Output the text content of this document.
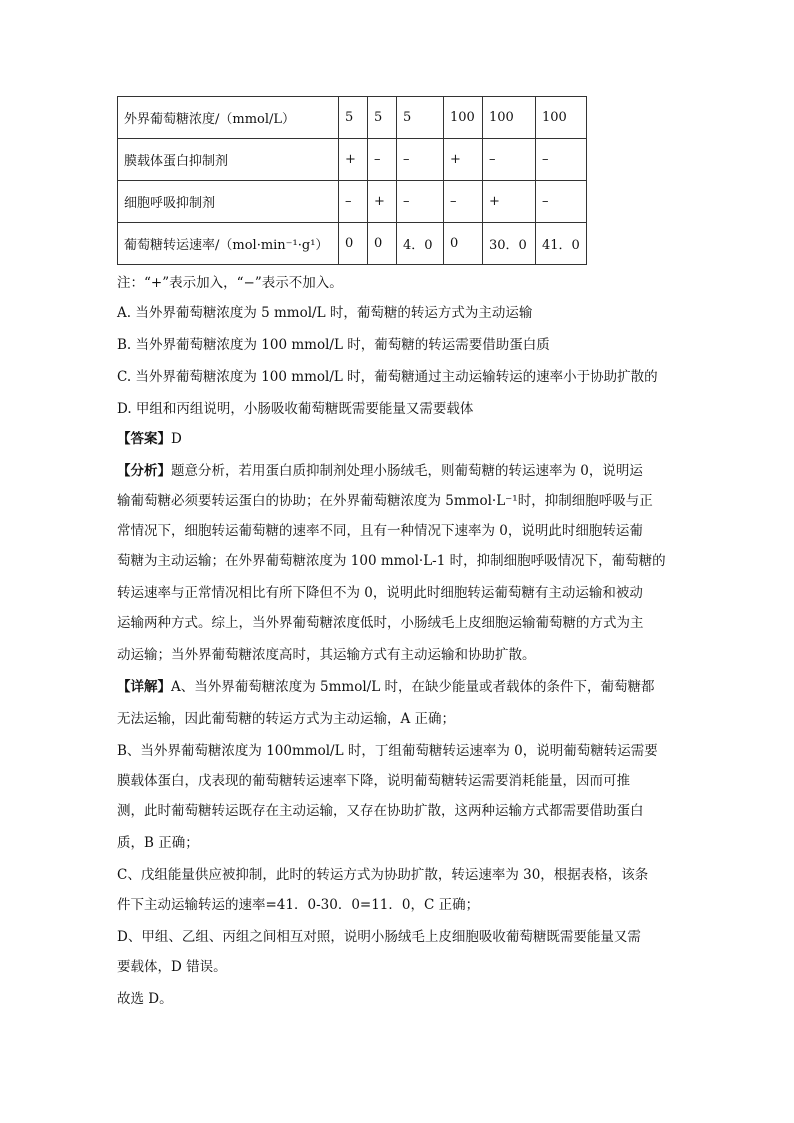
外界葡萄糖浓度/（mmol/L）	5	5	5	100	100	100
膜载体蛋白抑制剂	+	–	–	+	–	–
细胞呼吸抑制剂	–	+	–	–	+	–
葡萄糖转运速率/（mol·min⁻¹·g¹）	0	0	4．0	0	30．0	41．0
注：“+”表示加入，“−”表示不加入。
A. 当外界葡萄糖浓度为 5 mmol/L 时，葡萄糖的转运方式为主动运输
B. 当外界葡萄糖浓度为 100 mmol/L 时，葡萄糖的转运需要借助蛋白质
C. 当外界葡萄糖浓度为 100 mmol/L 时，葡萄糖通过主动运输转运的速率小于协助扩散的
D. 甲组和丙组说明，小肠吸收葡萄糖既需要能量又需要载体
【答案】D
【分析】题意分析，若用蛋白质抑制剂处理小肠绒毛，则葡萄糖的转运速率为 0，说明运
输葡萄糖必须要转运蛋白的协助；在外界葡萄糖浓度为 5mmol·L⁻¹时，抑制细胞呼吸与正
常情况下，细胞转运葡萄糖的速率不同，且有一种情况下速率为 0，说明此时细胞转运葡
萄糖为主动运输；在外界葡萄糖浓度为 100 mmol·L-1 时，抑制细胞呼吸情况下，葡萄糖的
转运速率与正常情况相比有所下降但不为 0，说明此时细胞转运葡萄糖有主动运输和被动
运输两种方式。综上，当外界葡萄糖浓度低时，小肠绒毛上皮细胞运输葡萄糖的方式为主
动运输；当外界葡萄糖浓度高时，其运输方式有主动运输和协助扩散。
【详解】A、当外界葡萄糖浓度为 5mmol/L 时，在缺少能量或者载体的条件下，葡萄糖都
无法运输，因此葡萄糖的转运方式为主动运输，A 正确；
B、当外界葡萄糖浓度为 100mmol/L 时，丁组葡萄糖转运速率为 0，说明葡萄糖转运需要
膜载体蛋白，戊表现的葡萄糖转运速率下降，说明葡萄糖转运需要消耗能量，因而可推
测，此时葡萄糖转运既存在主动运输，又存在协助扩散，这两种运输方式都需要借助蛋白
质，B 正确；
C、戊组能量供应被抑制，此时的转运方式为协助扩散，转运速率为 30，根据表格，该条
件下主动运输转运的速率=41．0-30．0=11．0，C 正确；
D、甲组、乙组、丙组之间相互对照，说明小肠绒毛上皮细胞吸收葡萄糖既需要能量又需
要载体，D 错误。
故选 D。
